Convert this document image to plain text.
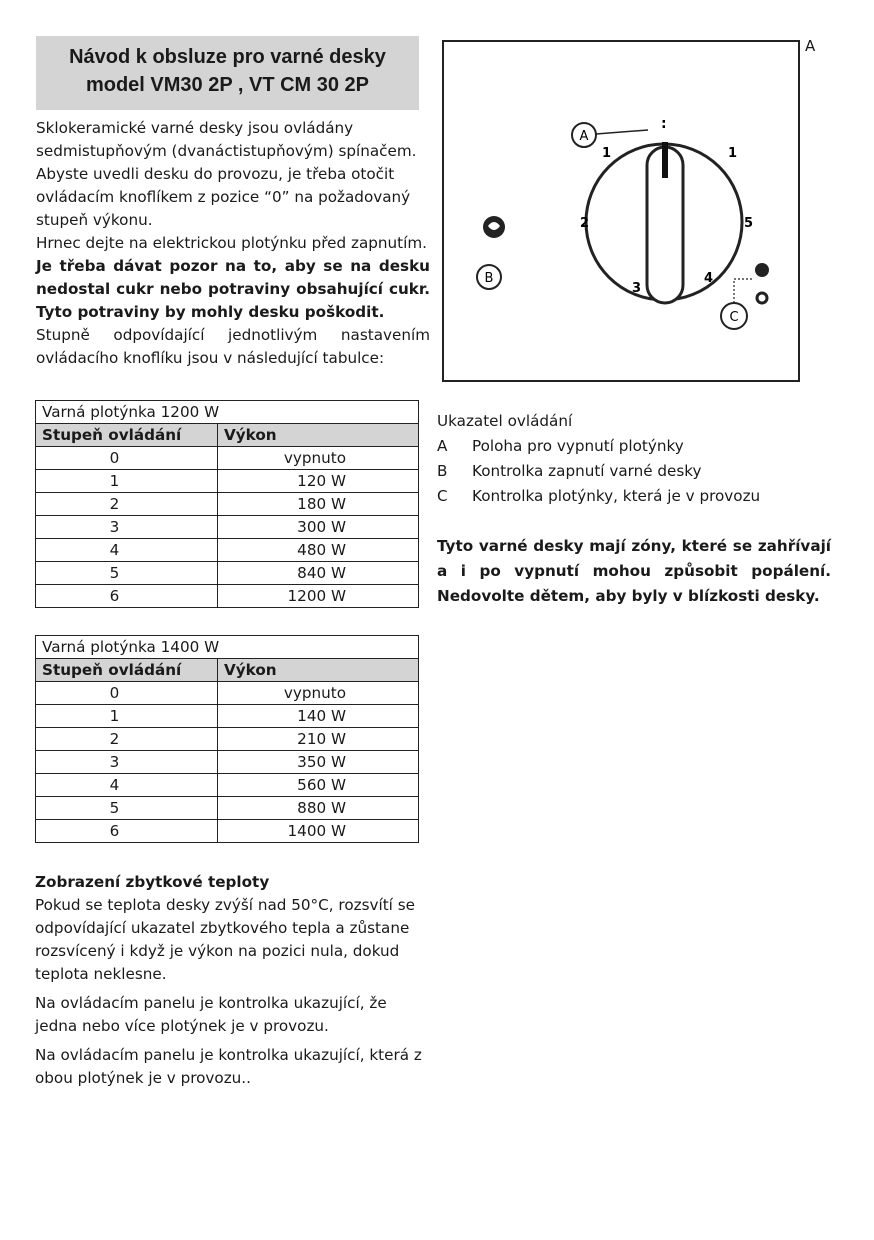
Návod k obsluze pro varné desky
model VM30 2P , VT CM 30 2P

Sklokeramické varné desky jsou ovládány sedmistupňovým (dvanáctistupňovým) spínačem. Abyste uvedli desku do provozu, je třeba otočit ovládacím knoflíkem z pozice “0” na požadovaný stupeň výkonu.

Hrnec dejte na elektrickou plotýnku před zapnutím.

Je třeba dávat pozor na to, aby se na desku nedostal cukr nebo potraviny obsahující cukr. Tyto potraviny by mohly desku poškodit.

Stupně odpovídající jednotlivým nastavením ovládacího knoflíku jsou v následující tabulce:

Varná plotýnka 1200 W	
Stupeň ovládání	Výkon
0	vypnuto
1	120 W
2	180 W
3	300 W
4	480 W
5	840 W
6	1200 W
Varná plotýnka 1400 W	
Stupeň ovládání	Výkon
0	vypnuto
1	140 W
2	210 W
3	350 W
4	560 W
5	880 W
6	1400 W
Zobrazení zbytkové teploty

Pokud se teplota desky zvýší nad 50°C, rozsvítí se odpovídající ukazatel zbytkového tepla a zůstane rozsvícený i když je výkon na pozici nula, dokud teplota neklesne.

Na ovládacím panelu je kontrolka ukazující, že jedna nebo více plotýnek je v provozu.

Na ovládacím panelu je kontrolka ukazující, která z obou plotýnek je v provozu..

:
1
2
3
4
5
1
A
B
C
A
Ukazatel ovládání
A	Poloha pro vypnutí plotýnky
B	Kontrolka zapnutí varné desky
C	Kontrolka plotýnky, která je v provozu
Tyto varné desky mají zóny, které se zahřívají a i po vypnutí mohou způsobit popálení. Nedovolte dětem, aby byly v blízkosti desky.
